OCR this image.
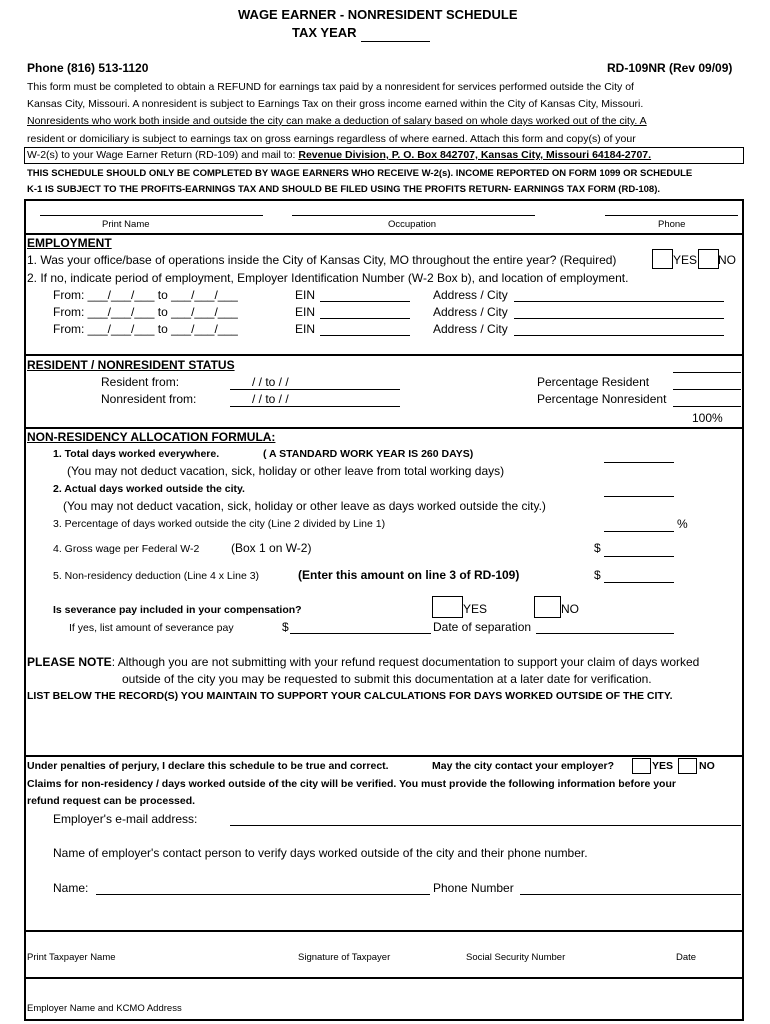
WAGE EARNER - NONRESIDENT SCHEDULE
TAX YEAR
Phone (816) 513-1120	RD-109NR (Rev 09/09)
This form must be completed to obtain a REFUND for earnings tax paid by a nonresident for services performed outside the City of
Kansas City, Missouri. A nonresident is subject to Earnings Tax on their gross income earned within the City of Kansas City, Missouri.
Nonresidents who work both inside and outside the city can make a deduction of salary based on whole days worked out of the city. A
resident or domiciliary is subject to earnings tax on gross earnings regardless of where earned. Attach this form and copy(s) of your
W-2(s) to your Wage Earner Return (RD-109) and mail to: Revenue Division, P. O. Box 842707, Kansas City, Missouri 64184-2707.
THIS SCHEDULE SHOULD ONLY BE COMPLETED BY WAGE EARNERS WHO RECEIVE W-2(s). INCOME REPORTED ON FORM 1099 OR SCHEDULE
K-1 IS SUBJECT TO THE PROFITS-EARNINGS TAX AND SHOULD BE FILED USING THE PROFITS RETURN- EARNINGS TAX FORM (RD-108).
Print Name	Occupation	Phone
EMPLOYMENT
1. Was your office/base of operations inside the City of Kansas City, MO throughout the entire year? (Required)	YES NO
2. If no, indicate period of employment, Employer Identification Number (W-2 Box b), and location of employment.
From: ___/___/___ to ___/___/___	EIN	Address / City
From: ___/___/___ to ___/___/___	EIN	Address / City
From: ___/___/___ to ___/___/___	EIN	Address / City
RESIDENT / NONRESIDENT STATUS
Resident from:	/ / to / /
Nonresident from:	/ / to / /
Percentage Resident
Percentage Nonresident
100%
NON-RESIDENCY ALLOCATION FORMULA:
1. Total days worked everywhere.	( A STANDARD WORK YEAR IS 260 DAYS)
(You may not deduct vacation, sick, holiday or other leave from total working days)
2. Actual days worked outside the city.
(You may not deduct vacation, sick, holiday or other leave as days worked outside the city.)
3. Percentage of days worked outside the city (Line 2 divided by Line 1)	%
4. Gross wage per Federal W-2	(Box 1 on W-2)	$
5. Non-residency deduction (Line 4 x Line 3)	(Enter this amount on line 3 of RD-109)	$
Is severance pay included in your compensation?	YES	NO
If yes, list amount of severance pay	$	Date of separation
PLEASE NOTE: Although you are not submitting with your refund request documentation to support your claim of days worked
outside of the city you may be requested to submit this documentation at a later date for verification.
LIST BELOW THE RECORD(S) YOU MAINTAIN TO SUPPORT YOUR CALCULATIONS FOR DAYS WORKED OUTSIDE OF THE CITY.
Under penalties of perjury, I declare this schedule to be true and correct.	May the city contact your employer?	YES NO
Claims for non-residency / days worked outside of the city will be verified. You must provide the following information before your
refund request can be processed.
Employer's e-mail address:
Name of employer's contact person to verify days worked outside of the city and their phone number.
Name:	Phone Number
Print Taxpayer Name	Signature of Taxpayer	Social Security Number	Date
Employer Name and KCMO Address
